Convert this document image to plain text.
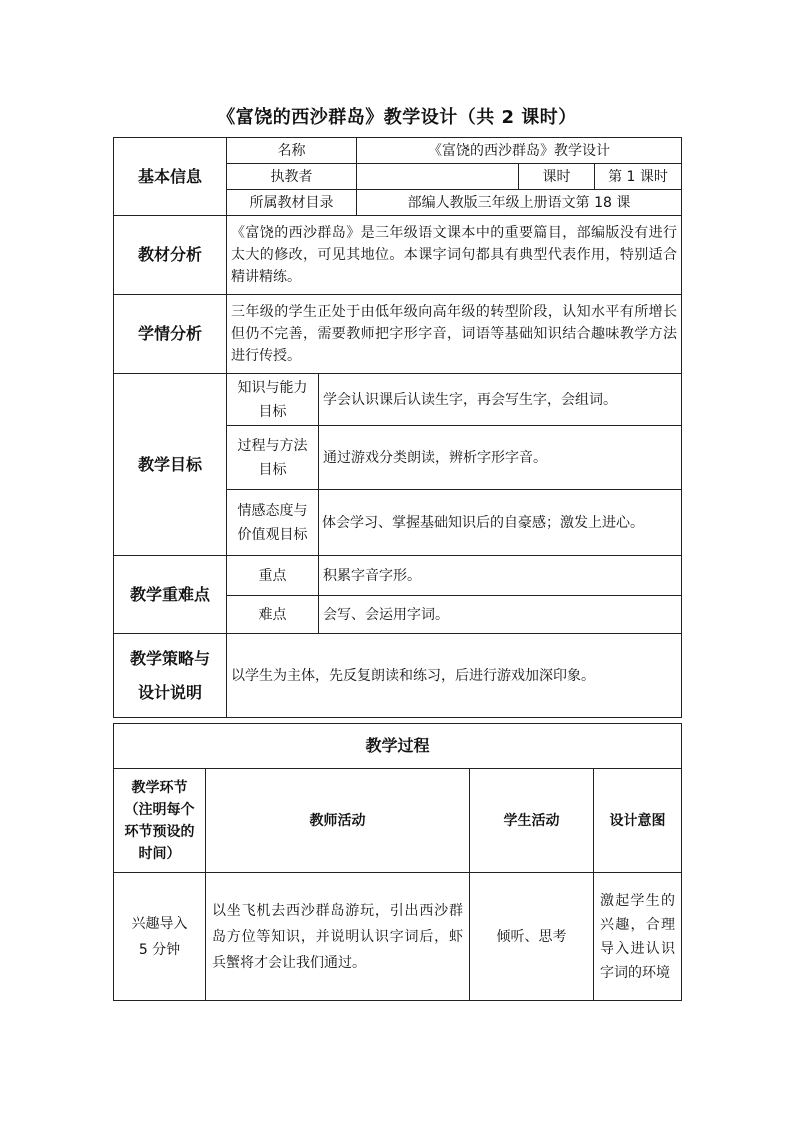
《富饶的西沙群岛》教学设计（共 2 课时）
基本信息	名称		《富饶的西沙群岛》教学设计		
	执教者			课时	第 1 课时
	所属教材目录		部编人教版三年级上册语文第 18 课		
教材分析	《富饶的西沙群岛》是三年级语文课本中的重要篇目，部编版没有进行太大的修改，可见其地位。本课字词句都具有典型代表作用，特别适合精讲精练。				
学情分析	三年级的学生正处于由低年级向高年级的转型阶段，认知水平有所增长但仍不完善，需要教师把字形字音，词语等基础知识结合趣味教学方法进行传授。				
教学目标	知识与能力目标	学会认识课后认读生字，再会写生字，会组词。			
	过程与方法目标	通过游戏分类朗读，辨析字形字音。			
	情感态度与价值观目标	体会学习、掌握基础知识后的自豪感；激发上进心。			
教学重难点	重点	积累字音字形。			
	难点	会写、会运用字词。			

教学策略与
设计说明	以学生为主体，先反复朗读和练习，后进行游戏加深印象。				
教学过程			
教学环节（注明每个环节预设的时间）	教师活动	学生活动	设计意图

兴趣导入
5 分钟	以坐飞机去西沙群岛游玩，引出西沙群岛方位等知识，并说明认识字词后，虾兵蟹将才会让我们通过。	倾听、思考	激起学生的兴趣，合理导入进认识字词的环境
